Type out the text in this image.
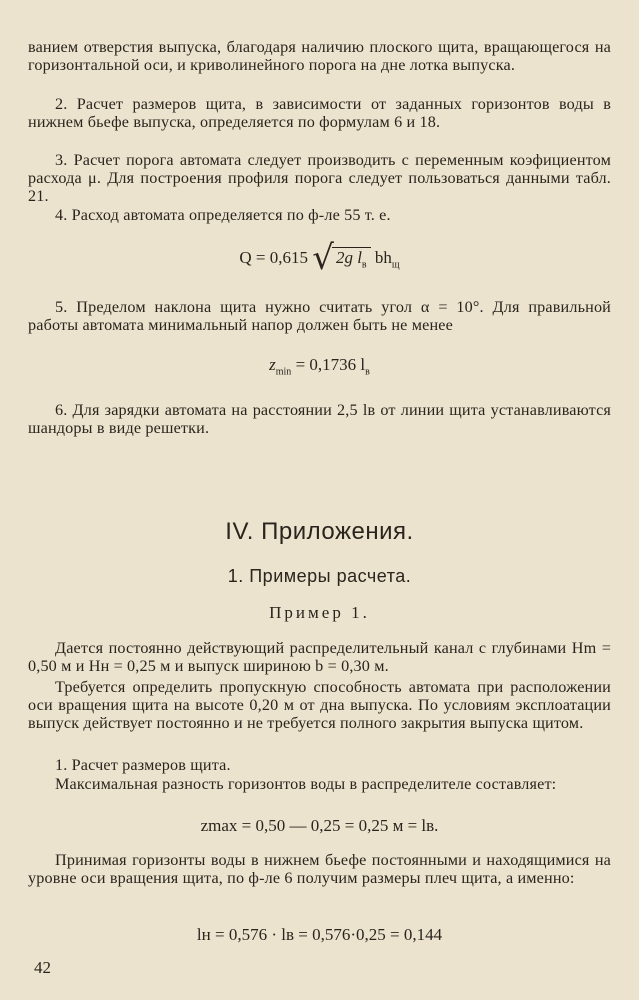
ванием отверстия выпуска, благодаря наличию плоского щита, вращающегося на горизонтальной оси, и криволинейного порога на дне лотка выпуска.
2. Расчет размеров щита, в зависимости от заданных горизонтов воды в нижнем бьефе выпуска, определяется по формулам 6 и 18.
3. Расчет порога автомата следует производить с переменным коэфициентом расхода μ. Для построения профиля порога следует пользоваться данными табл. 21.
4. Расход автомата определяется по ф-ле 55 т. е.
Q = 0,615 √ 2g $l_в$ $bh_щ$
5. Пределом наклона щита нужно считать угол α = 10°. Для правильной работы автомата минимальный напор должен быть не менее
$z_{min} = 0,1736$ $l_в$
6. Для зарядки автомата на расстоянии 2,5 lв от линии щита устанавливаются шандоры в виде решетки.
IV. Приложения.
1. Примеры расчета.
Пример 1.
Дается постоянно действующий распределительный канал с глубинами Hm = 0,50 м и Hн = 0,25 м и выпуск шириною b = 0,30 м.
Требуется определить пропускную способность автомата при расположении оси вращения щита на высоте 0,20 м от дна выпуска. По условиям эксплоатации выпуск действует постоянно и не требуется полного закрытия выпуска щитом.
1. Расчет размеров щита.
Максимальная разность горизонтов воды в распределителе составляет:
zmax = 0,50 — 0,25 = 0,25 м = lв.
Принимая горизонты воды в нижнем бьефе постоянными и находящимися на уровне оси вращения щита, по ф-ле 6 получим размеры плеч щита, а именно:
lн = 0,576 · lв = 0,576·0,25 = 0,144
42
